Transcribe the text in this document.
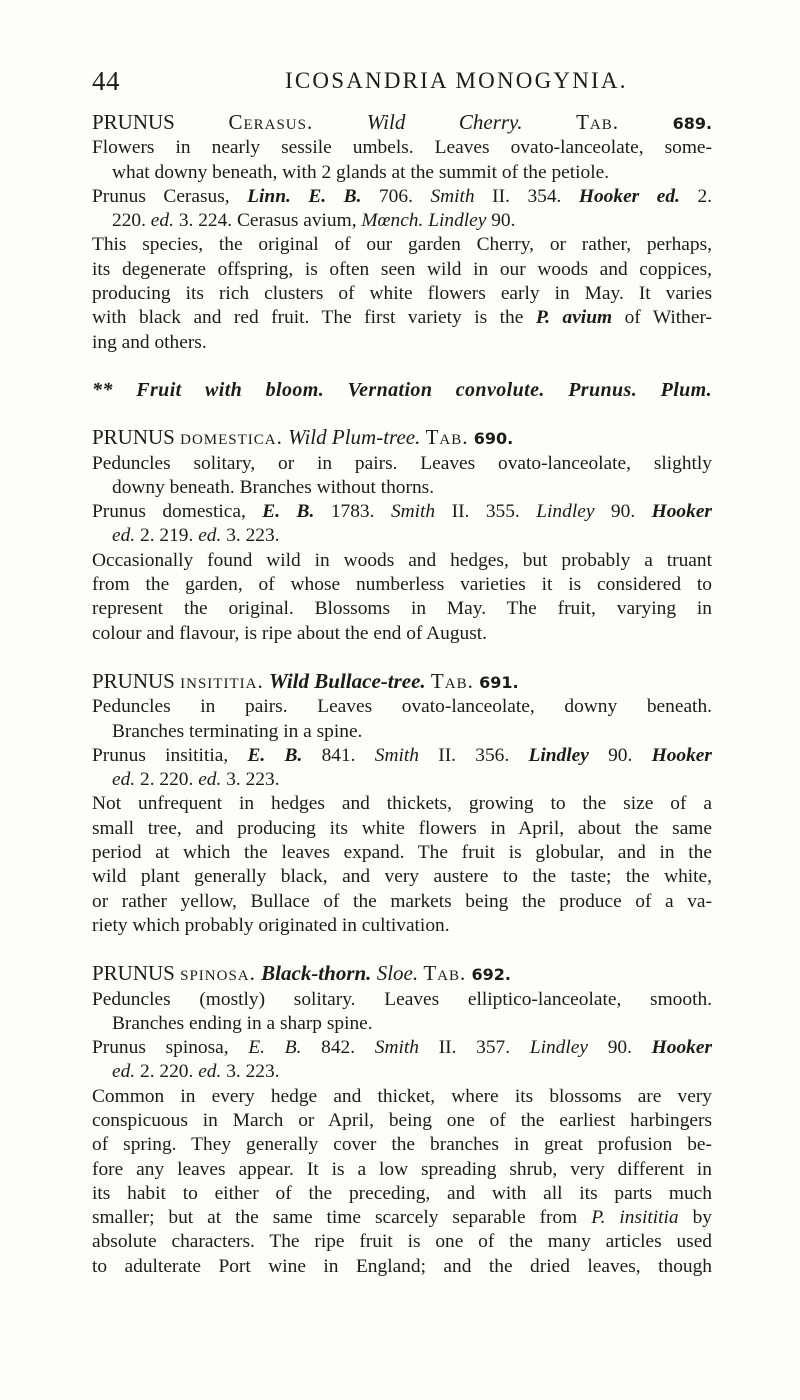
44	ICOSANDRIA MONOGYNIA.
PRUNUS	Cerasus.	Wild Cherry.	Tab.	689.
Flowers in nearly sessile umbels. Leaves ovato-lanceolate, some-
what downy beneath, with 2 glands at the summit of the petiole.
Prunus Cerasus, Linn. E. B. 706. Smith II. 354. Hooker ed. 2.
220. ed. 3. 224. Cerasus avium, Mœnch. Lindley 90.
This species, the original of our garden Cherry, or rather, perhaps,
its degenerate offspring, is often seen wild in our woods and coppices,
producing its rich clusters of white flowers early in May. It varies
with black and red fruit. The first variety is the P. avium of Wither-
ing and others.
** Fruit with bloom. Vernation convolute. Prunus. Plum.
PRUNUS domestica. Wild Plum-tree. Tab. 690.
Peduncles solitary, or in pairs. Leaves ovato-lanceolate, slightly
downy beneath. Branches without thorns.
Prunus domestica, E. B. 1783. Smith II. 355. Lindley 90. Hooker
ed. 2. 219. ed. 3. 223.
Occasionally found wild in woods and hedges, but probably a truant
from the garden, of whose numberless varieties it is considered to
represent the original. Blossoms in May. The fruit, varying in
colour and flavour, is ripe about the end of August.
PRUNUS insititia. Wild Bullace-tree. Tab. 691.
Peduncles in pairs. Leaves ovato-lanceolate, downy beneath.
Branches terminating in a spine.
Prunus insititia, E. B. 841. Smith II. 356. Lindley 90. Hooker
ed. 2. 220. ed. 3. 223.
Not unfrequent in hedges and thickets, growing to the size of a
small tree, and producing its white flowers in April, about the same
period at which the leaves expand. The fruit is globular, and in the
wild plant generally black, and very austere to the taste; the white,
or rather yellow, Bullace of the markets being the produce of a va-
riety which probably originated in cultivation.
PRUNUS spinosa. Black-thorn. Sloe. Tab. 692.
Peduncles (mostly) solitary. Leaves elliptico-lanceolate, smooth.
Branches ending in a sharp spine.
Prunus spinosa, E. B. 842. Smith II. 357. Lindley 90. Hooker
ed. 2. 220. ed. 3. 223.
Common in every hedge and thicket, where its blossoms are very
conspicuous in March or April, being one of the earliest harbingers
of spring. They generally cover the branches in great profusion be-
fore any leaves appear. It is a low spreading shrub, very different in
its habit to either of the preceding, and with all its parts much
smaller; but at the same time scarcely separable from P. insititia by
absolute characters. The ripe fruit is one of the many articles used
to adulterate Port wine in England; and the dried leaves, though
